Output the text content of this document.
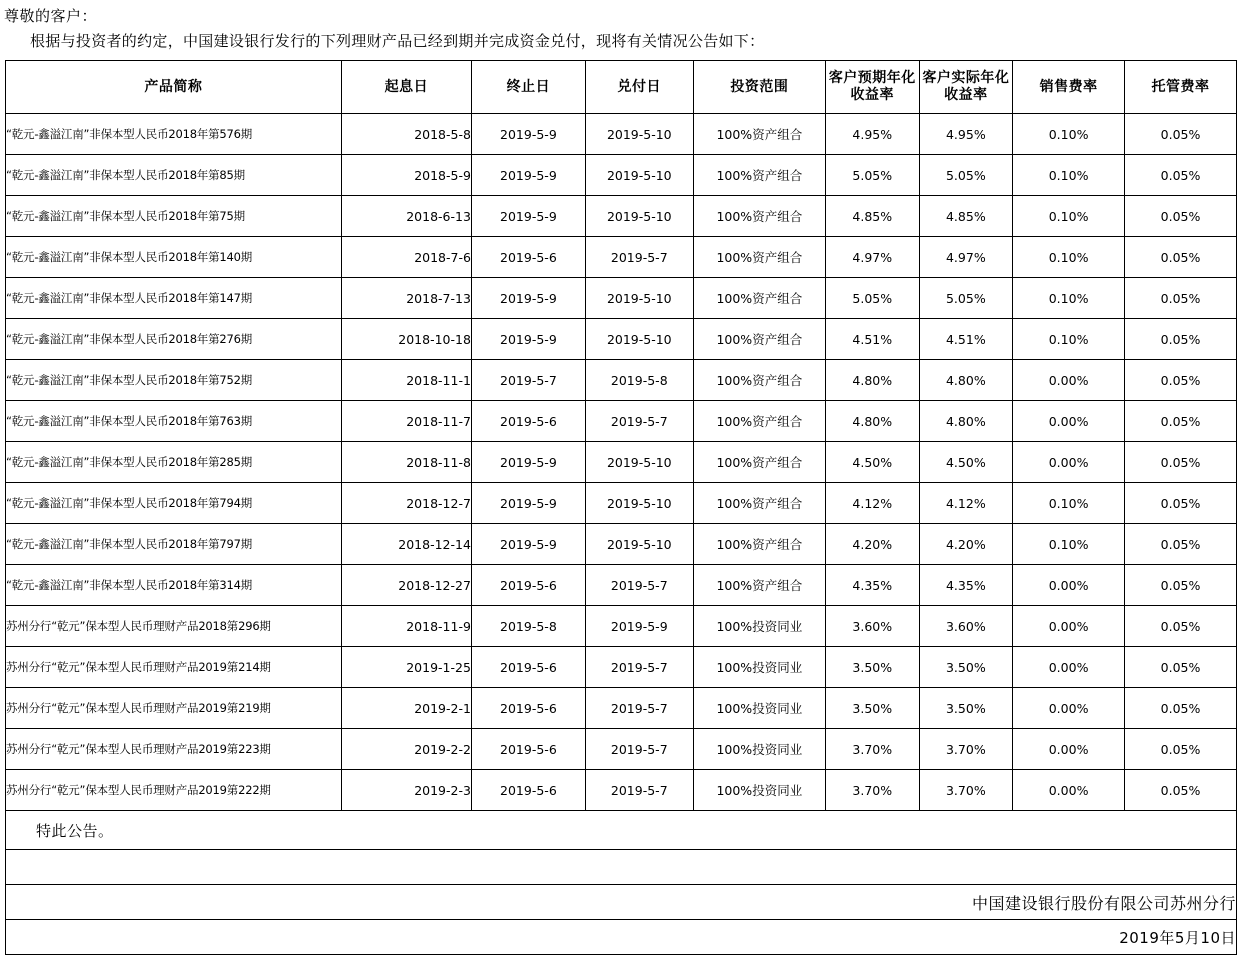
尊敬的客户：
根据与投资者的约定，中国建设银行发行的下列理财产品已经到期并完成资金兑付，现将有关情况公告如下：
产品简称	起息日	终止日	兑付日	投资范围	客户预期年化收益率	客户实际年化收益率	销售费率	托管费率
“乾元-鑫溢江南”非保本型人民币2018年第576期	2018-5-8	2019-5-9	2019-5-10	100%资产组合	4.95%	4.95%	0.10%	0.05%
“乾元-鑫溢江南”非保本型人民币2018年第85期	2018-5-9	2019-5-9	2019-5-10	100%资产组合	5.05%	5.05%	0.10%	0.05%
“乾元-鑫溢江南”非保本型人民币2018年第75期	2018-6-13	2019-5-9	2019-5-10	100%资产组合	4.85%	4.85%	0.10%	0.05%
“乾元-鑫溢江南”非保本型人民币2018年第140期	2018-7-6	2019-5-6	2019-5-7	100%资产组合	4.97%	4.97%	0.10%	0.05%
“乾元-鑫溢江南”非保本型人民币2018年第147期	2018-7-13	2019-5-9	2019-5-10	100%资产组合	5.05%	5.05%	0.10%	0.05%
“乾元-鑫溢江南”非保本型人民币2018年第276期	2018-10-18	2019-5-9	2019-5-10	100%资产组合	4.51%	4.51%	0.10%	0.05%
“乾元-鑫溢江南”非保本型人民币2018年第752期	2018-11-1	2019-5-7	2019-5-8	100%资产组合	4.80%	4.80%	0.00%	0.05%
“乾元-鑫溢江南”非保本型人民币2018年第763期	2018-11-7	2019-5-6	2019-5-7	100%资产组合	4.80%	4.80%	0.00%	0.05%
“乾元-鑫溢江南”非保本型人民币2018年第285期	2018-11-8	2019-5-9	2019-5-10	100%资产组合	4.50%	4.50%	0.00%	0.05%
“乾元-鑫溢江南”非保本型人民币2018年第794期	2018-12-7	2019-5-9	2019-5-10	100%资产组合	4.12%	4.12%	0.10%	0.05%
“乾元-鑫溢江南”非保本型人民币2018年第797期	2018-12-14	2019-5-9	2019-5-10	100%资产组合	4.20%	4.20%	0.10%	0.05%
“乾元-鑫溢江南”非保本型人民币2018年第314期	2018-12-27	2019-5-6	2019-5-7	100%资产组合	4.35%	4.35%	0.00%	0.05%
苏州分行“乾元”保本型人民币理财产品2018第296期	2018-11-9	2019-5-8	2019-5-9	100%投资同业	3.60%	3.60%	0.00%	0.05%
苏州分行“乾元”保本型人民币理财产品2019第214期	2019-1-25	2019-5-6	2019-5-7	100%投资同业	3.50%	3.50%	0.00%	0.05%
苏州分行“乾元”保本型人民币理财产品2019第219期	2019-2-1	2019-5-6	2019-5-7	100%投资同业	3.50%	3.50%	0.00%	0.05%
苏州分行“乾元”保本型人民币理财产品2019第223期	2019-2-2	2019-5-6	2019-5-7	100%投资同业	3.70%	3.70%	0.00%	0.05%
苏州分行“乾元”保本型人民币理财产品2019第222期	2019-2-3	2019-5-6	2019-5-7	100%投资同业	3.70%	3.70%	0.00%	0.05%
特此公告。								

				中国建设银行股份有限公司苏州分行				
				2019年5月10日				
